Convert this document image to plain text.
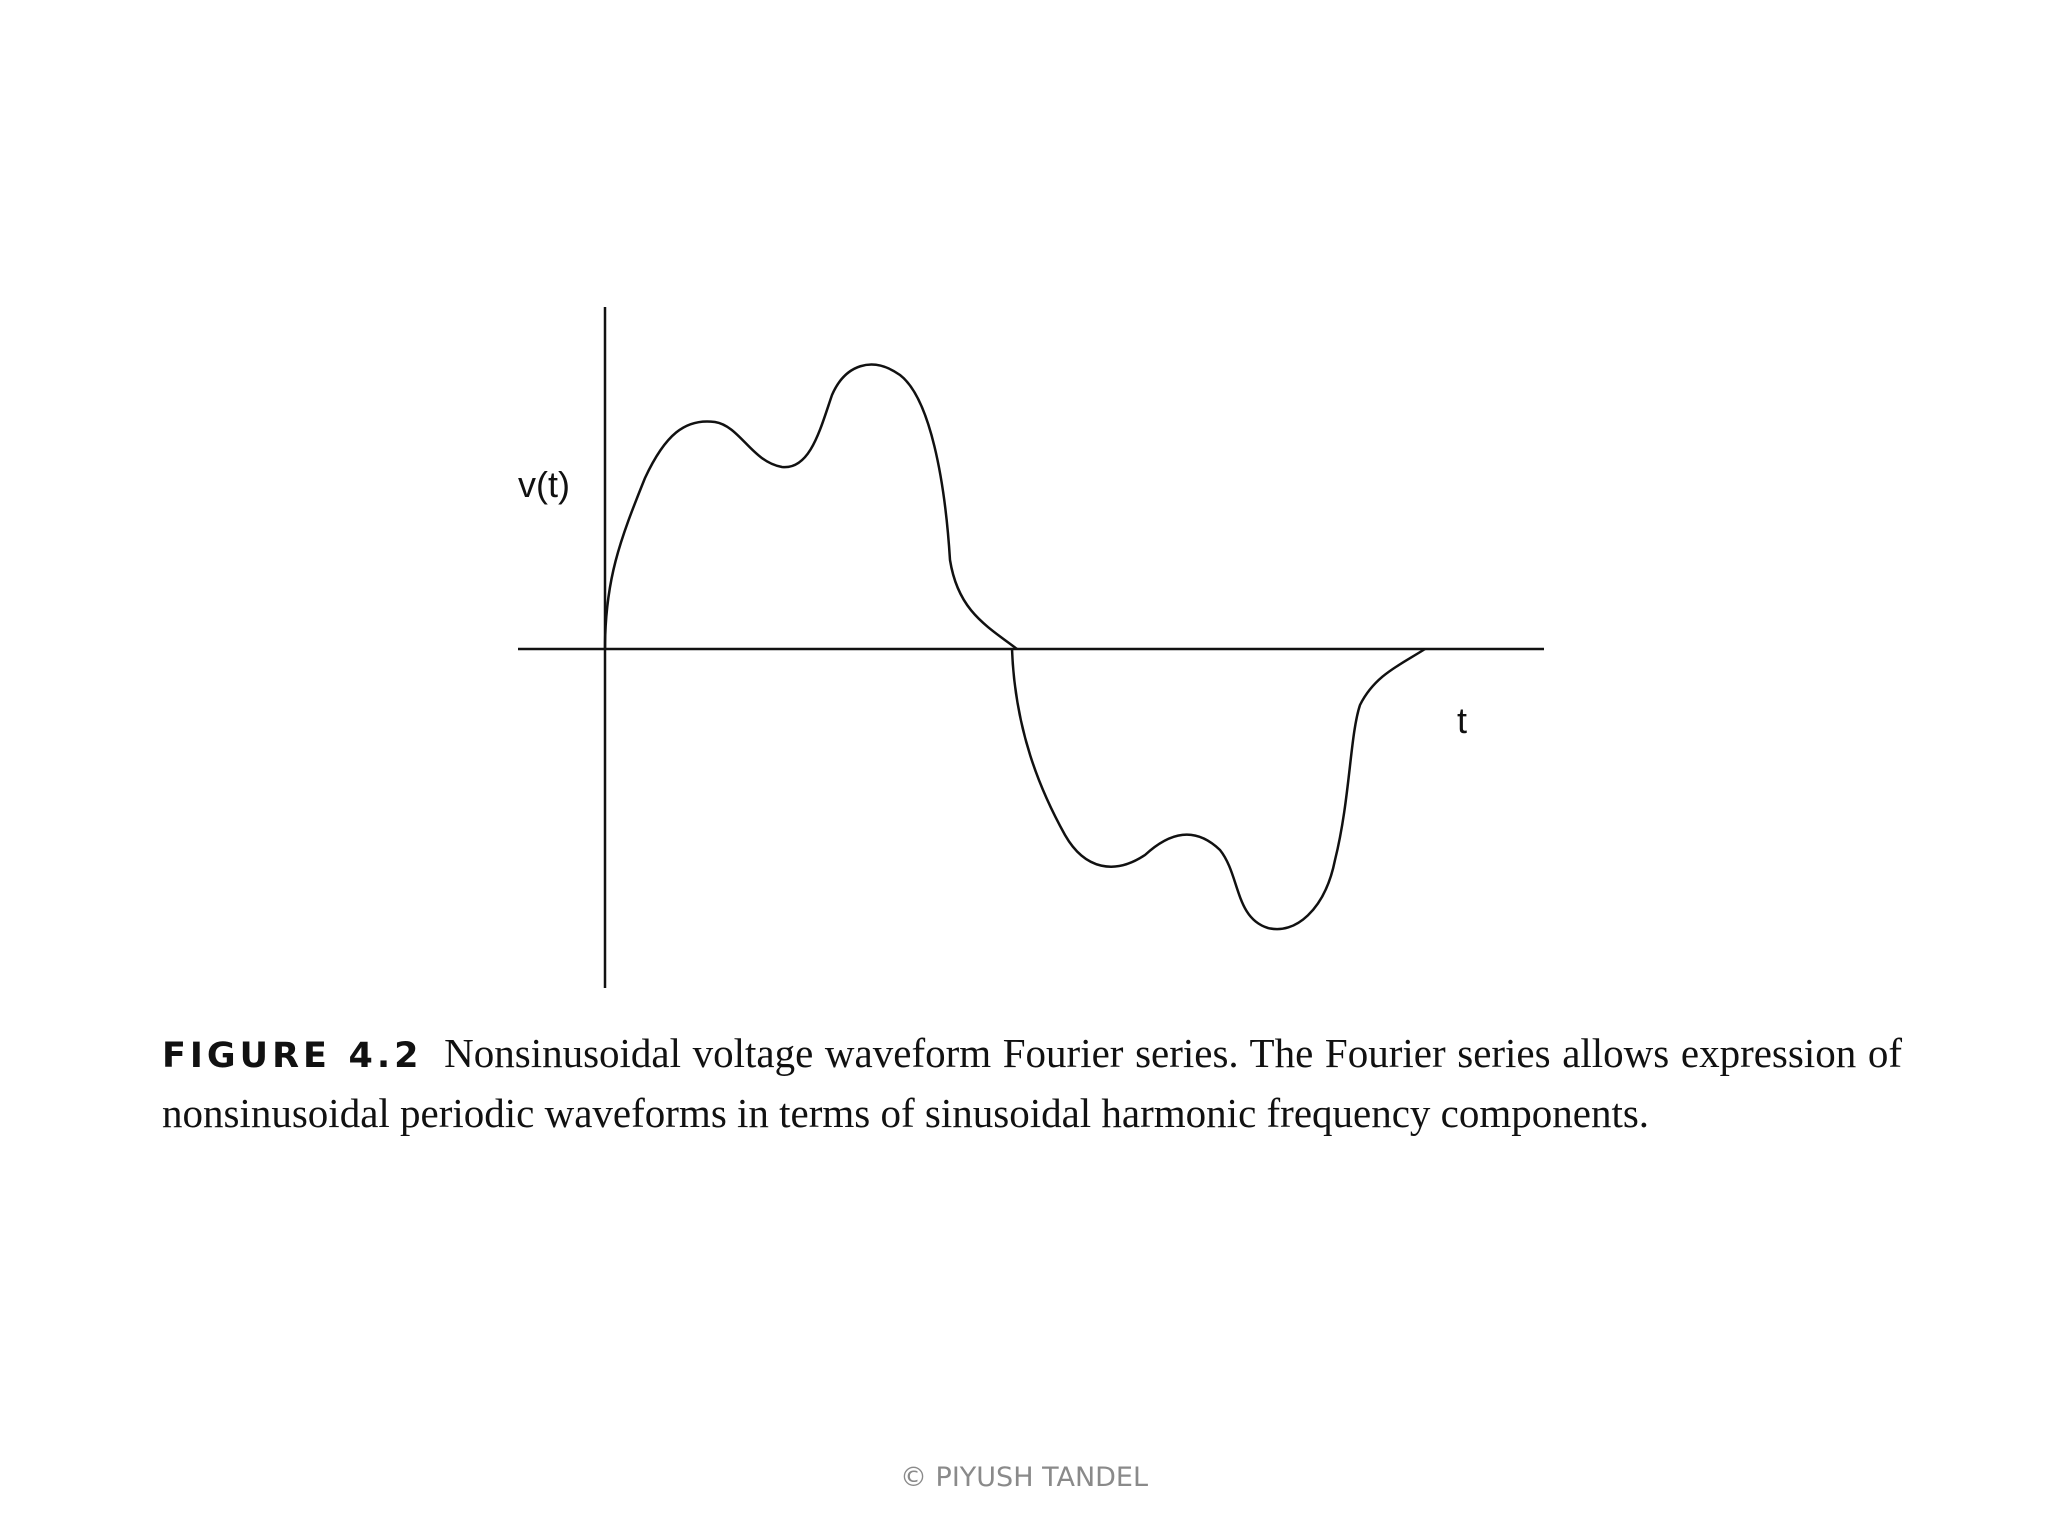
v(t)
t
FIGURE 4.2 Nonsinusoidal voltage waveform Fourier series. The Fourier series allows expression of nonsinusoidal periodic waveforms in terms of sinusoidal harmonic frequency components.
© PIYUSH TANDEL
